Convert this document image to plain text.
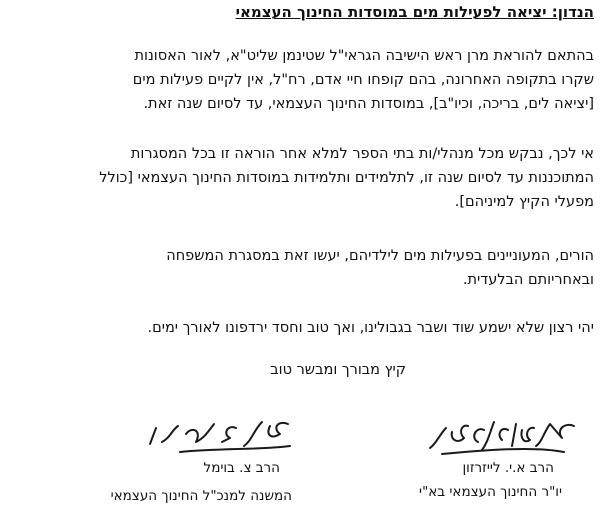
הנדון: יציאה לפעילות מים במוסדות החינוך העצמאי
בהתאם להוראת מרן ראש הישיבה הגראי"ל שטינמן שליט"א, לאור האסונות
שקרו בתקופה האחרונה, בהם קופחו חיי אדם, רח"ל, אין לקיים פעילות מים
[יציאה לים, בריכה, וכיו"ב], במוסדות החינוך העצמאי, עד לסיום שנה זאת.
אי לכך, נבקש מכל מנהלי/ות בתי הספר למלא אחר הוראה זו בכל המסגרות
המתוכננות עד לסיום שנה זו, לתלמידים ותלמידות במוסדות החינוך העצמאי [כולל
מפעלי הקיץ למיניהם].
הורים, המעוניינים בפעילות מים לילדיהם, יעשו זאת במסגרת המשפחה
ובאחריותם הבלעדית.
יהי רצון שלא ישמע שוד ושבר בגבולינו, ואך טוב וחסד ירדפונו לאורך ימים.
קיץ מבורך ומבשר טוב
הרב א.י. לייזרזון
יו"ר החינוך העצמאי בא"י
הרב צ. בוימל
המשנה למנכ"ל החינוך העצמאי
